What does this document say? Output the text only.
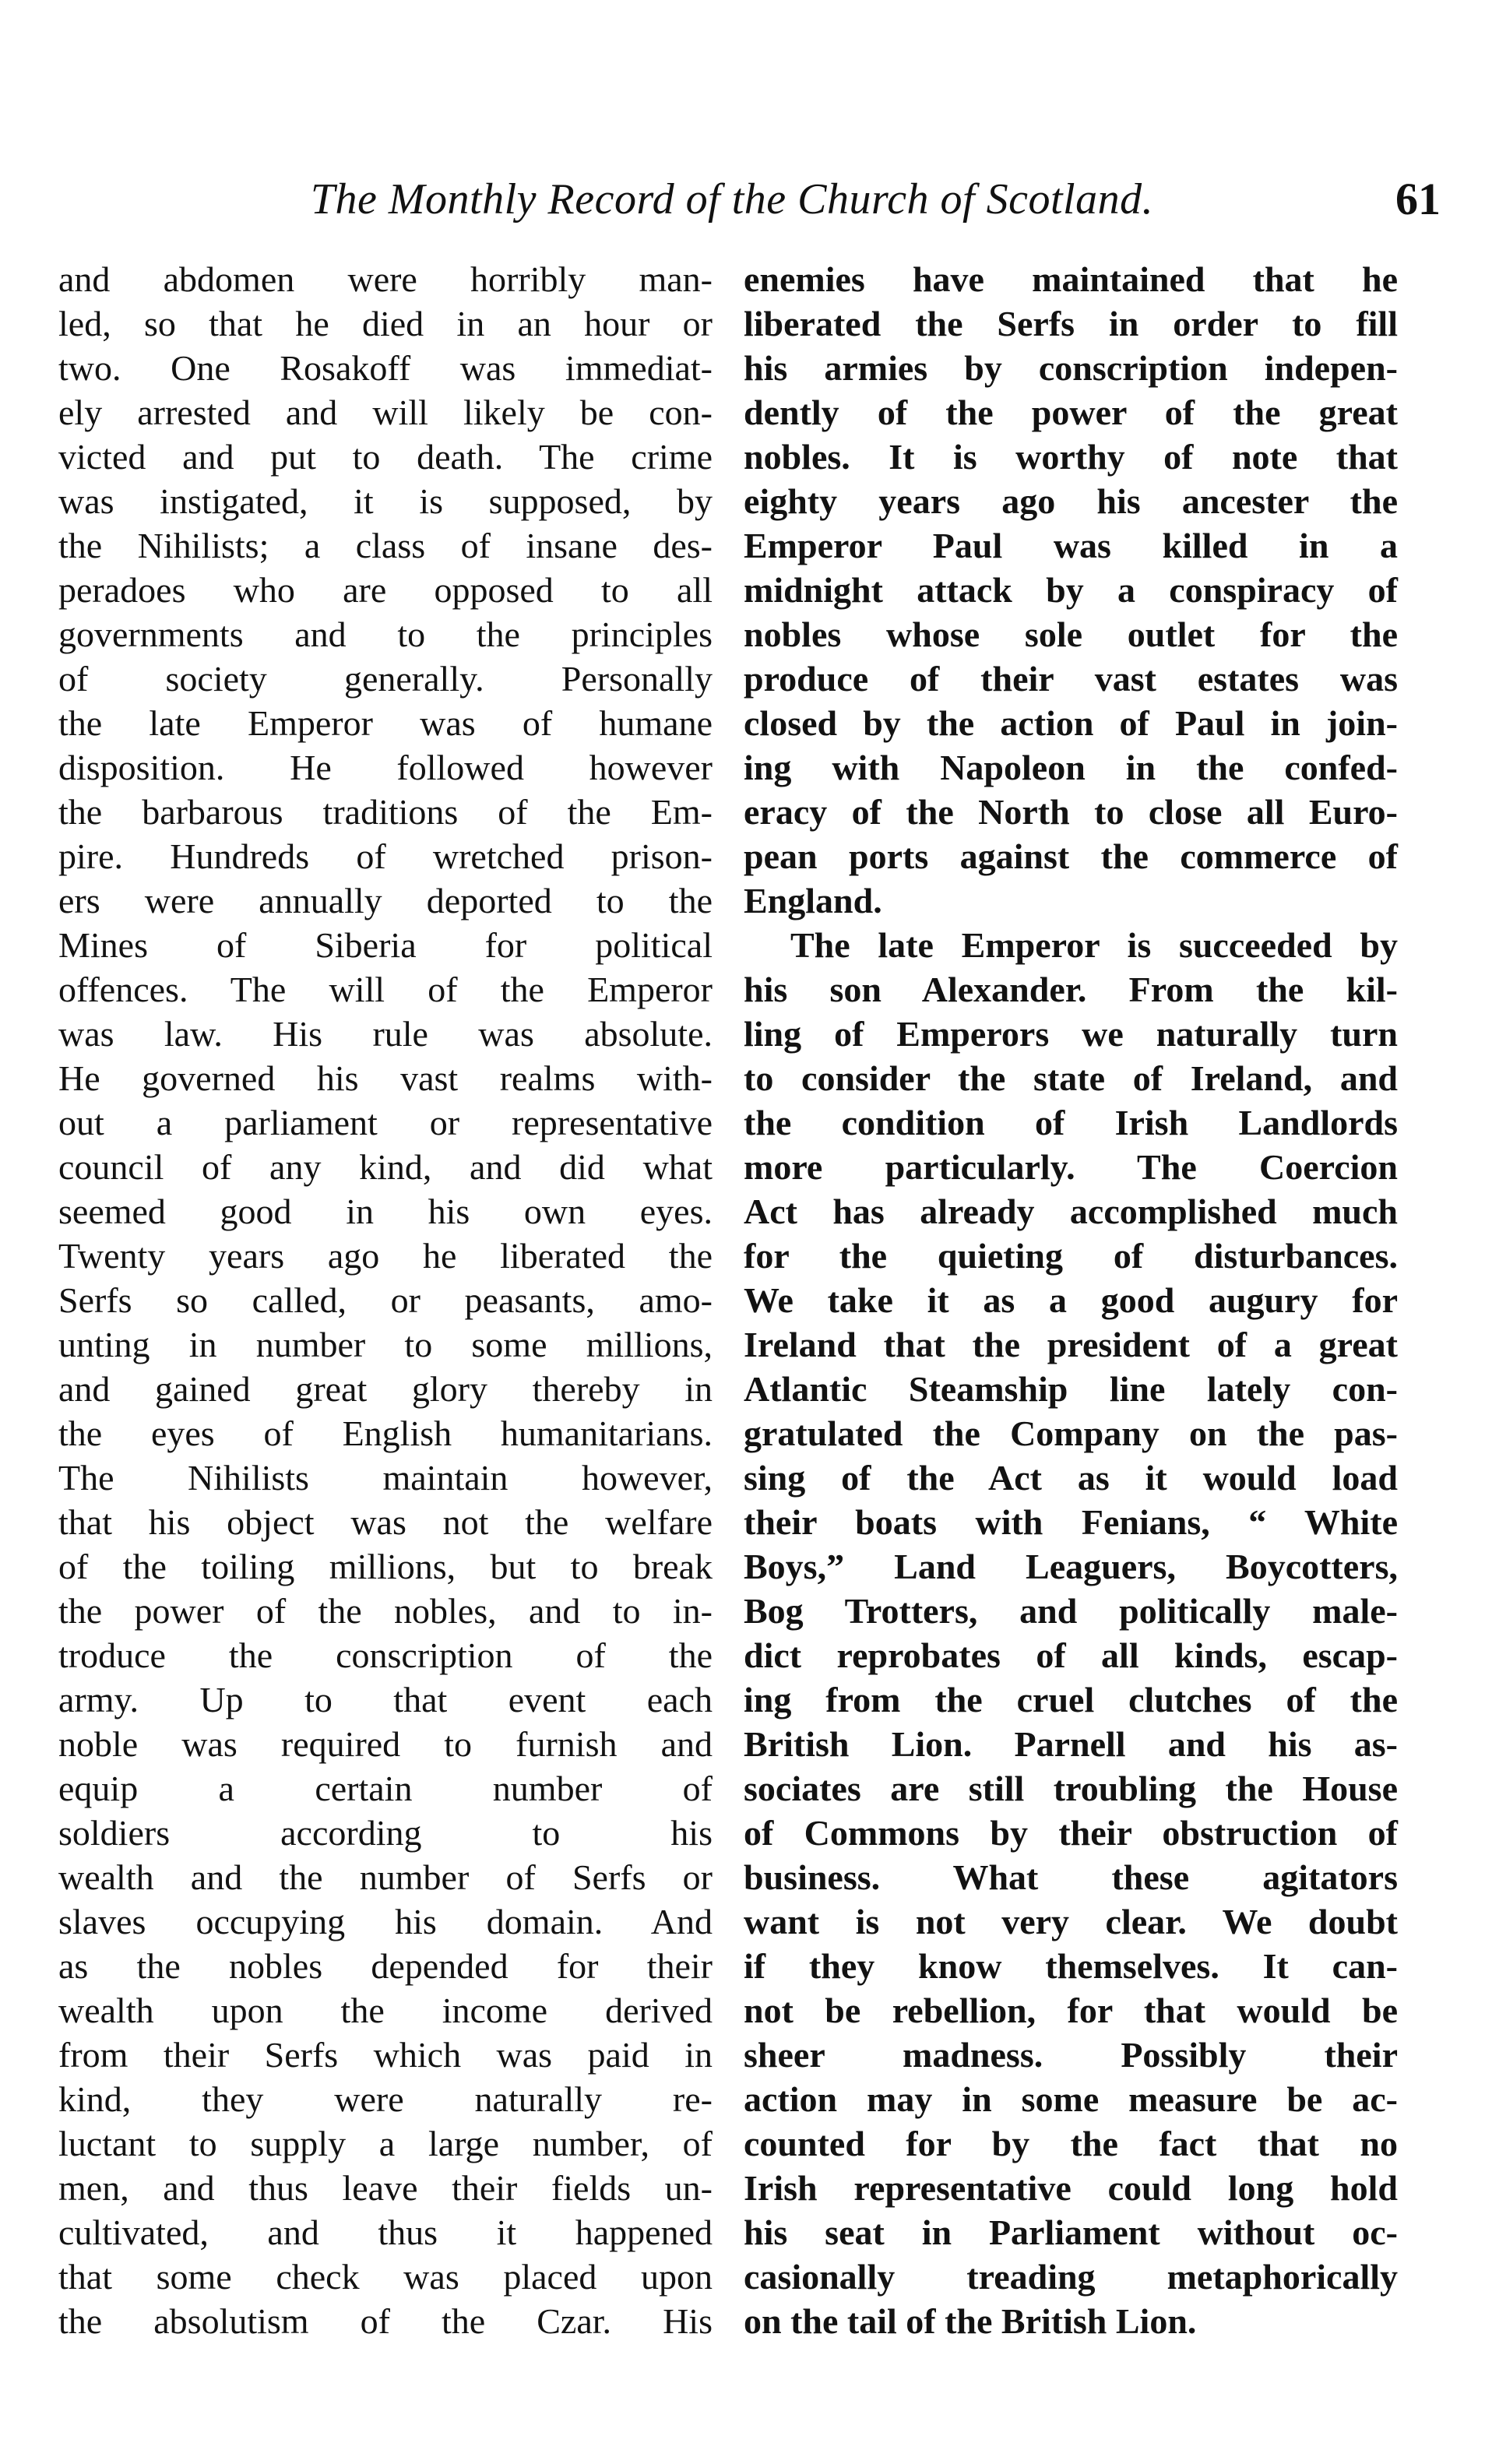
The Monthly Record of the Church of Scotland.	61
and abdomen were horribly man-
led, so that he died in an hour or
two. One Rosakoff was immediat-
ely arrested and will likely be con-
victed and put to death. The crime
was instigated, it is supposed, by
the Nihilists; a class of insane des-
peradoes who are opposed to all
governments and to the principles
of society generally. Personally
the late Emperor was of humane
disposition. He followed however
the barbarous traditions of the Em-
pire. Hundreds of wretched prison-
ers were annually deported to the
Mines of Siberia for political
offences. The will of the Emperor
was law. His rule was absolute.
He governed his vast realms with-
out a parliament or representative
council of any kind, and did what
seemed good in his own eyes.
Twenty years ago he liberated the
Serfs so called, or peasants, amo-
unting in number to some millions,
and gained great glory thereby in
the eyes of English humanitarians.
The Nihilists maintain however,
that his object was not the welfare
of the toiling millions, but to break
the power of the nobles, and to in-
troduce the conscription of the
army. Up to that event each
noble was required to furnish and
equip a certain number of
soldiers according to his
wealth and the number of Serfs or
slaves occupying his domain. And
as the nobles depended for their
wealth upon the income derived
from their Serfs which was paid in
kind, they were naturally re-
luctant to supply a large number, of
men, and thus leave their fields un-
cultivated, and thus it happened
that some check was placed upon
the absolutism of the Czar. His
enemies have maintained that he
liberated the Serfs in order to fill
his armies by conscription indepen-
dently of the power of the great
nobles. It is worthy of note that
eighty years ago his ancester the
Emperor Paul was killed in a
midnight attack by a conspiracy of
nobles whose sole outlet for the
produce of their vast estates was
closed by the action of Paul in join-
ing with Napoleon in the confed-
eracy of the North to close all Euro-
pean ports against the commerce of
England.
The late Emperor is succeeded by
his son Alexander. From the kil-
ling of Emperors we naturally turn
to consider the state of Ireland, and
the condition of Irish Landlords
more particularly. The Coercion
Act has already accomplished much
for the quieting of disturbances.
We take it as a good augury for
Ireland that the president of a great
Atlantic Steamship line lately con-
gratulated the Company on the pas-
sing of the Act as it would load
their boats with Fenians, “ White
Boys,” Land Leaguers, Boycotters,
Bog Trotters, and politically male-
dict reprobates of all kinds, escap-
ing from the cruel clutches of the
British Lion. Parnell and his as-
sociates are still troubling the House
of Commons by their obstruction of
business. What these agitators
want is not very clear. We doubt
if they know themselves. It can-
not be rebellion, for that would be
sheer madness. Possibly their
action may in some measure be ac-
counted for by the fact that no
Irish representative could long hold
his seat in Parliament without oc-
casionally treading metaphorically
on the tail of the British Lion.
